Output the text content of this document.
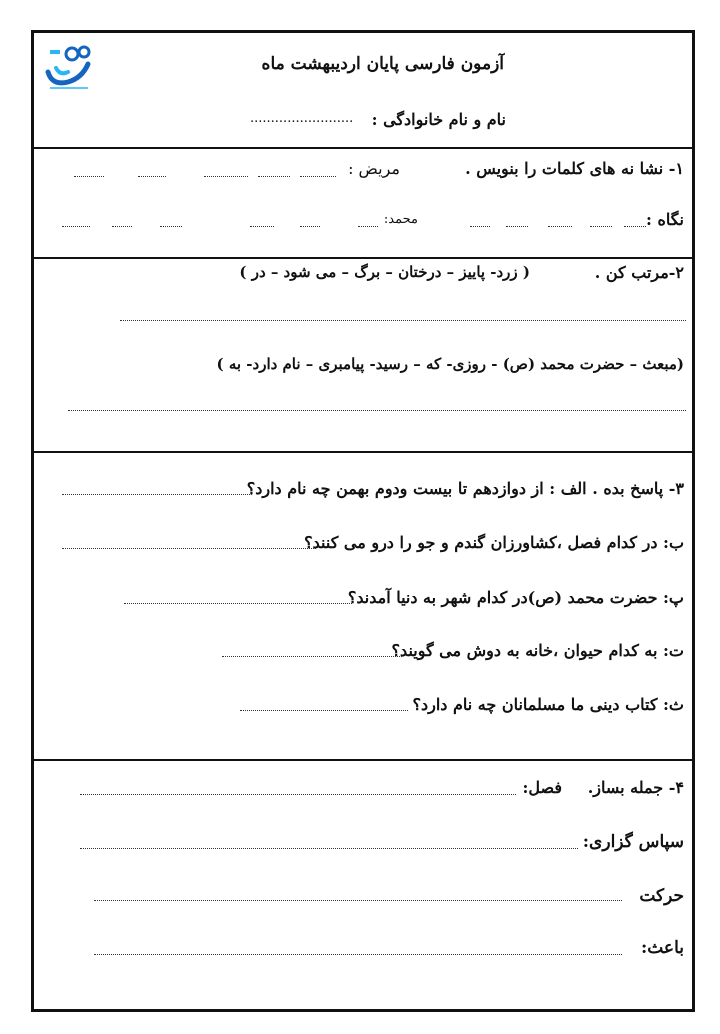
آزمون فارسی پایان اردیبهشت ماه
نام و نام خانوادگی :
.........................
۱- نشا نه های کلمات را بنویس .
مریض :
نگاه :
محمد:
۲-مرتب کن .
( زرد- پاییز – درختان – برگ – می شود – در )
(مبعث – حضرت محمد (ص) - روزی- که – رسید- پیامبری – نام دارد- به )
۳- پاسخ بده . الف : از دوازدهم تا بیست ودوم بهمن چه نام دارد؟
ب: در کدام فصل ،کشاورزان گندم و جو را درو می کنند؟
پ: حضرت محمد (ص)در کدام شهر به دنیا آمدند؟
ت: به کدام حیوان ،خانه به دوش می گویند؟
ث: کتاب دینی ما مسلمانان چه نام دارد؟
۴- جمله بساز.
فصل:
سپاس گزاری:
حرکت
باعث:
